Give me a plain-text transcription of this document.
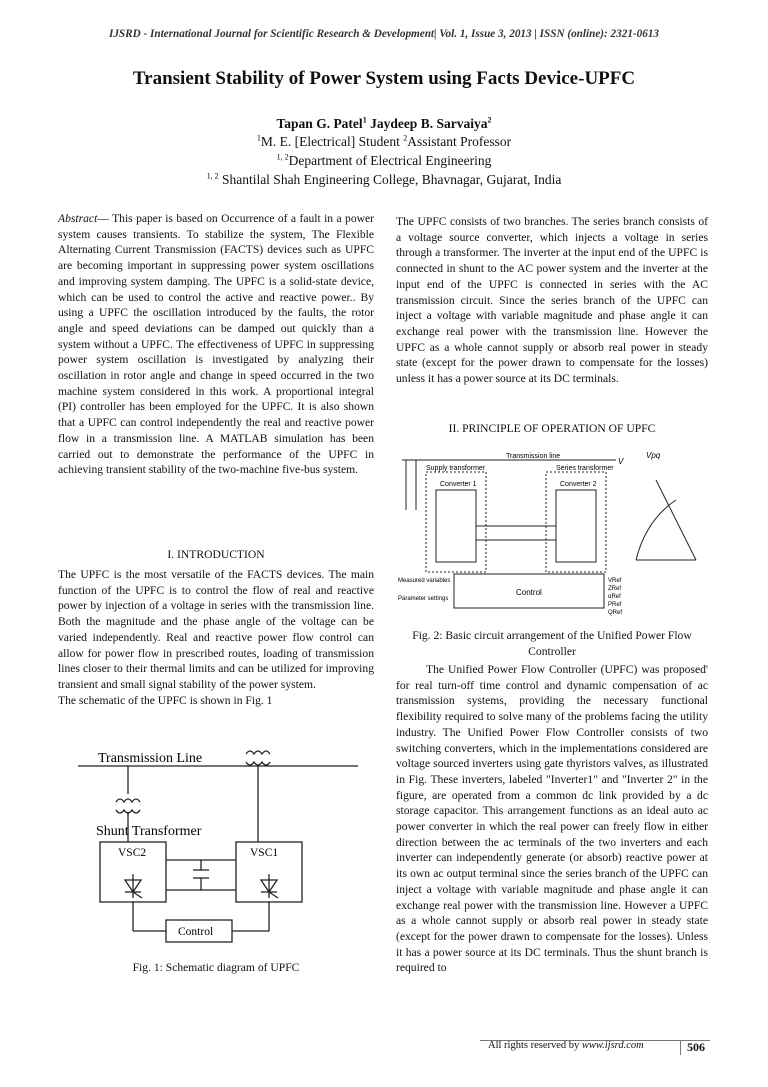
IJSRD - International Journal for Scientific Research & Development| Vol. 1, Issue 3, 2013 | ISSN (online): 2321-0613
Transient Stability of Power System using Facts Device-UPFC
Tapan G. Patel$^1$ Jaydeep B. Sarvaiya$^2$
$^1$M. E. [Electrical] Student $^2$Assistant Professor
$^{1, 2}$Department of Electrical Engineering
$^{1, 2}$ Shantilal Shah Engineering College, Bhavnagar, Gujarat, India

Abstract— This paper is based on Occurrence of a fault in a power system causes transients. To stabilize the system, The Flexible Alternating Current Transmission (FACTS) devices such as UPFC are becoming important in suppressing power system oscillations and improving system damping. The UPFC is a solid-state device, which can be used to control the active and reactive power.. By using a UPFC the oscillation introduced by the faults, the rotor angle and speed deviations can be damped out quickly than a system without a UPFC. The effectiveness of UPFC in suppressing power system oscillation is investigated by analyzing their oscillation in rotor angle and change in speed occurred in the two machine system considered in this work. A proportional integral (PI) controller has been employed for the UPFC. It is also shown that a UPFC can control independently the real and reactive power flow in a transmission line. A MATLAB simulation has been carried out to demonstrate the performance of the UPFC in achieving transient stability of the two-machine five-bus system.

I. INTRODUCTION

The UPFC is the most versatile of the FACTS devices. The main function of the UPFC is to control the flow of real and reactive power by injection of a voltage in series with the transmission line. Both the magnitude and the phase angle of the voltage can be varied independently. Real and reactive power flow control can allow for power flow in prescribed routes, loading of transmission lines closer to their thermal limits and can be utilized for improving transient and small signal stability of the power system.

The schematic of the UPFC is shown in Fig. 1

Transmission Line
Shunt Transformer
VSC2	VSC1
Control
Fig. 1: Schematic diagram of UPFC
The UPFC consists of two branches. The series branch consists of a voltage source converter, which injects a voltage in series through a transformer. The inverter at the input end of the UPFC is connected in shunt to the AC power system and the inverter at the input end of the UPFC is connected in series with the AC transmission circuit. Since the series branch of the UPFC can inject a voltage with variable magnitude and phase angle it can exchange real power with the transmission line. However the UPFC as a whole cannot supply or absorb real power in steady state (except for the power drawn to compensate for the losses) unless it has a power source at its DC terminals.
II. PRINCIPLE OF OPERATION OF UPFC
Transmission line
Supply transformer	Series transformer
Converter 1	Converter 2
Control
Measured variables
Parameter settings
V
Vpq
VRef
ZRef
αRef
PRef
QRef
Fig. 2: Basic circuit arrangement of the Unified Power Flow Controller
The Unified Power Flow Controller (UPFC) was proposed' for real turn-off time control and dynamic compensation of ac transmission systems, providing the necessary functional flexibility required to solve many of the problems facing the utility industry. The Unified Power Flow Controller consists of two switching converters, which in the implementations considered are voltage sourced inverters using gate thyristors valves, as illustrated in Fig. These inverters, labeled "Inverter1" and "Inverter 2" in the figure, are operated from a common dc link provided by a dc storage capacitor. This arrangement functions as an ideal auto ac power converter in which the real power can freely flow in either direction between the ac terminals of the two inverters and each inverter can independently generate (or absorb) reactive power at its own ac output terminal since the series branch of the UPFC can inject a voltage with variable magnitude and phase angle it can exchange real power with the transmission line. However a UPFC as a whole cannot supply or absorb real power in steady state (except for the power drawn to compensate for the losses). Unless it has a power source at its DC terminals. Thus the shunt branch is required to
All rights reserved by www.ijsrd.com	506
